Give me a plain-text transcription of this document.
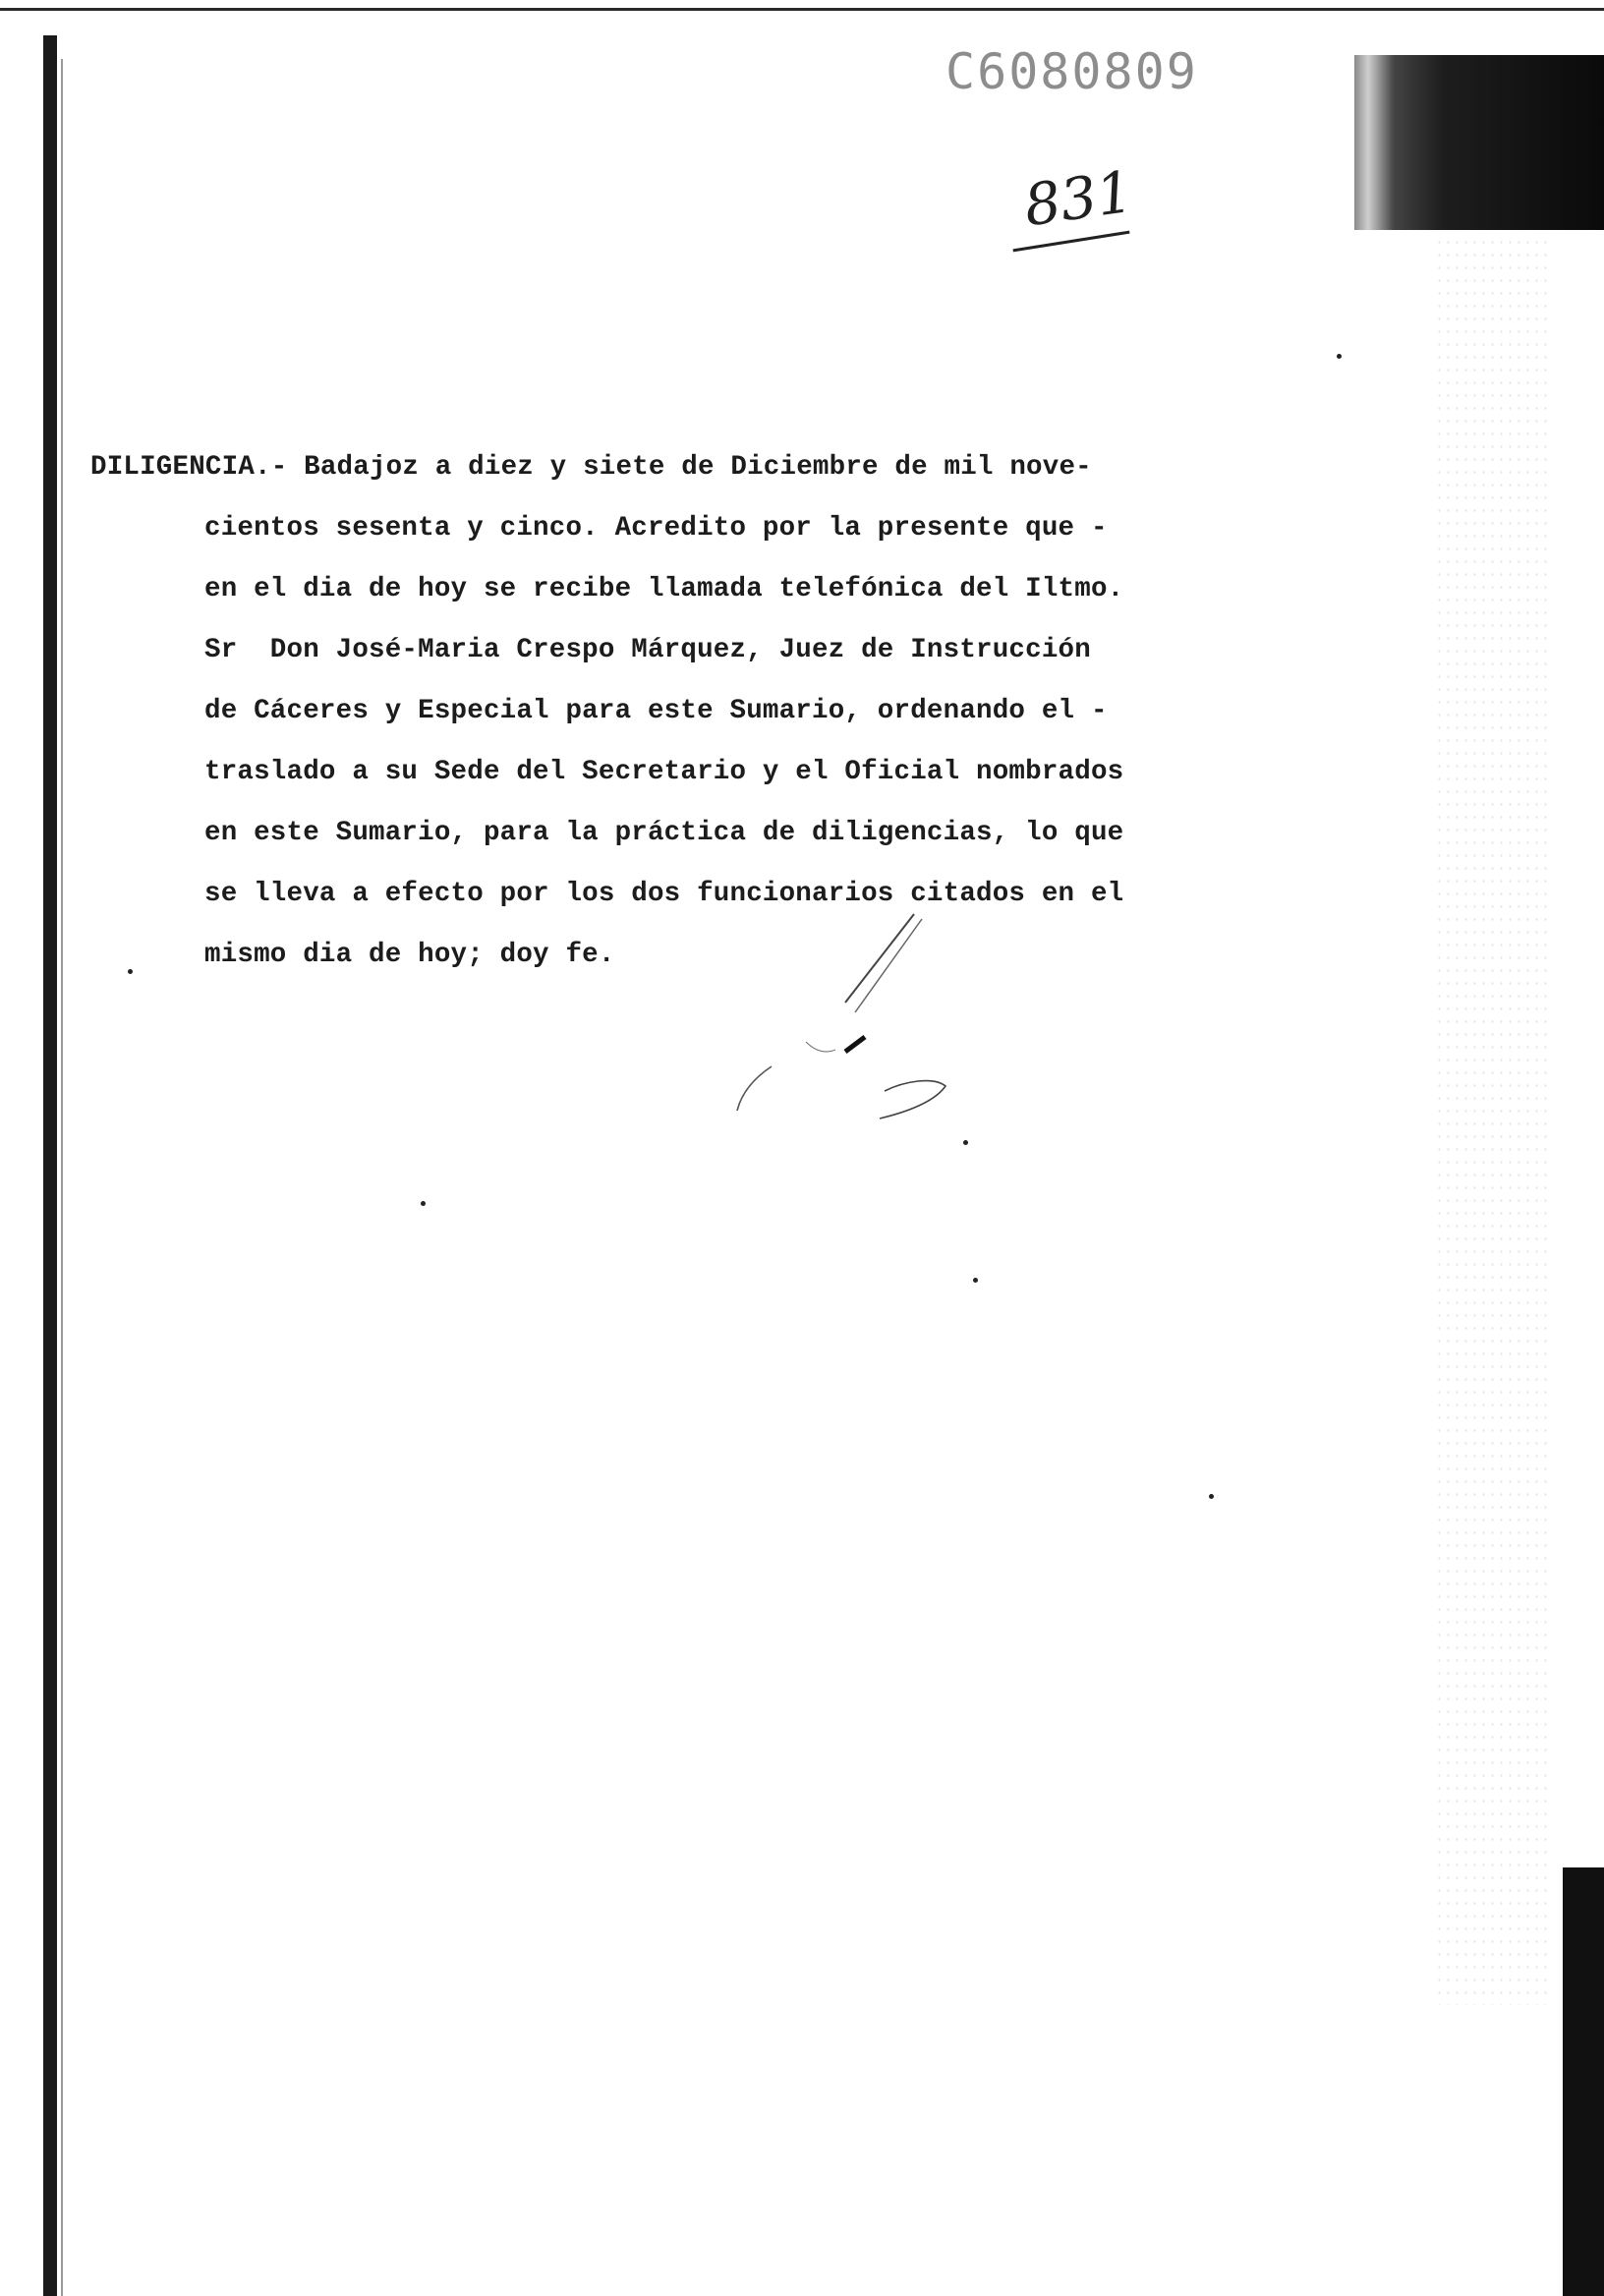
C6080809
831
DILIGENCIA.- Badajoz a diez y siete de Diciembre de mil nove-
cientos sesenta y cinco. Acredito por la presente que -
en el dia de hoy se recibe llamada telefónica del Iltmo.
Sr  Don José-Maria Crespo Márquez, Juez de Instrucción
de Cáceres y Especial para este Sumario, ordenando el -
traslado a su Sede del Secretario y el Oficial nombrados
en este Sumario, para la práctica de diligencias, lo que
se lleva a efecto por los dos funcionarios citados en el
mismo dia de hoy; doy fe.
